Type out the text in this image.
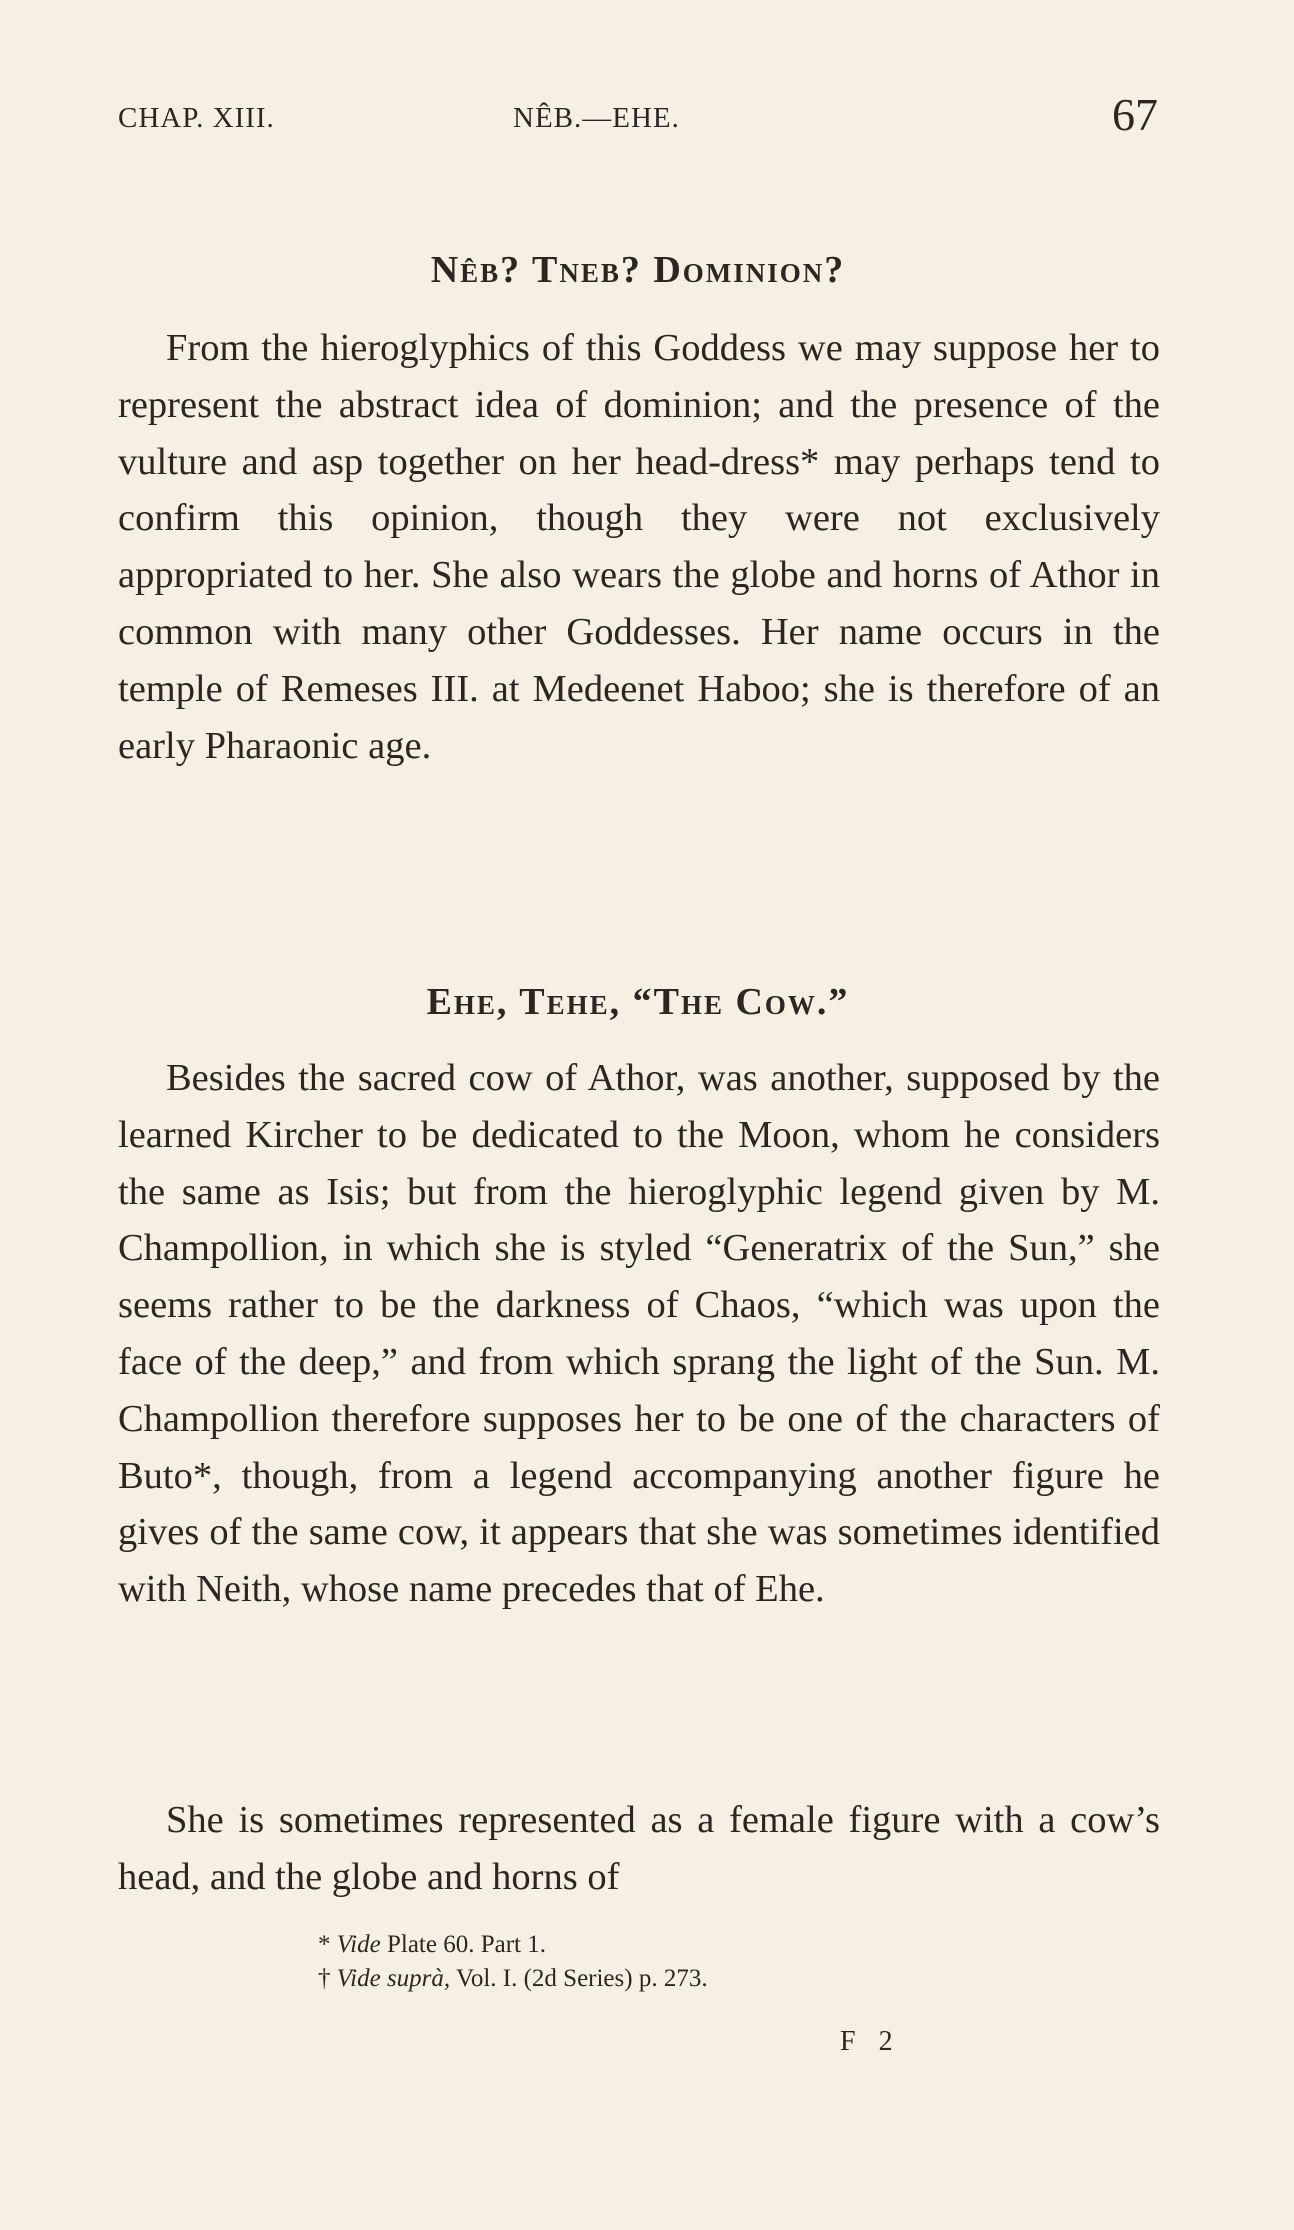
CHAP. XIII.	NÊB.—EHE.	67
Nêb? Tneb? Dominion?

From the hieroglyphics of this Goddess we may suppose her to represent the abstract idea of dominion; and the presence of the vulture and asp together on her head-dress* may perhaps tend to confirm this opinion, though they were not exclusively appropriated to her. She also wears the globe and horns of Athor in common with many other Goddesses. Her name occurs in the temple of Remeses III. at Medeenet Haboo; she is therefore of an early Pharaonic age.

Ehe, Tehe, “The Cow.”

Besides the sacred cow of Athor, was another, supposed by the learned Kircher to be dedicated to the Moon, whom he considers the same as Isis; but from the hieroglyphic legend given by M. Champollion, in which she is styled “Generatrix of the Sun,” she seems rather to be the darkness of Chaos, “which was upon the face of the deep,” and from which sprang the light of the Sun. M. Champollion therefore supposes her to be one of the characters of Buto*, though, from a legend accompanying another figure he gives of the same cow, it appears that she was sometimes identified with Neith, whose name precedes that of Ehe.

She is sometimes represented as a female figure with a cow’s head, and the globe and horns of

* Vide Plate 60. Part 1.

† Vide suprà, Vol. I. (2d Series) p. 273.

F 2
